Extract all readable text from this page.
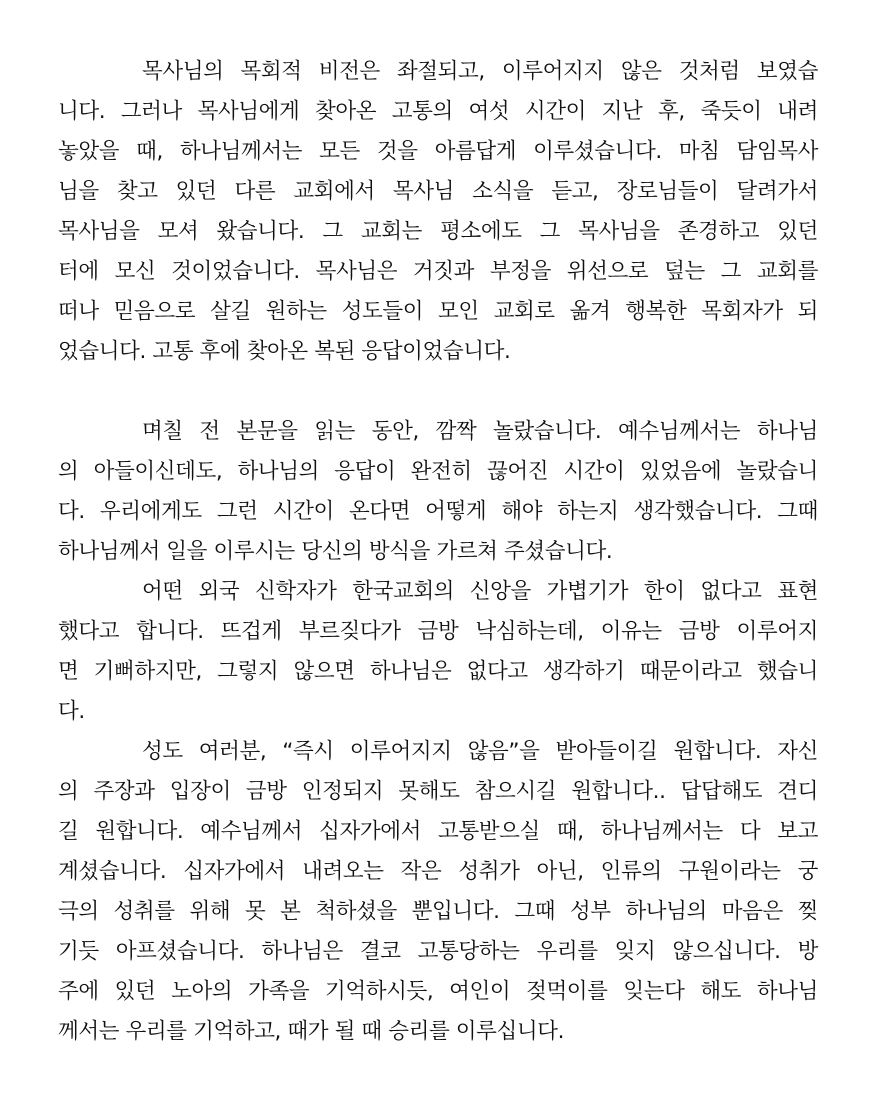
목사님의 목회적 비전은 좌절되고, 이루어지지 않은 것처럼 보였습
니다. 그러나 목사님에게 찾아온 고통의 여섯 시간이 지난 후, 죽듯이 내려
놓았을 때, 하나님께서는 모든 것을 아름답게 이루셨습니다. 마침 담임목사
님을 찾고 있던 다른 교회에서 목사님 소식을 듣고, 장로님들이 달려가서
목사님을 모셔 왔습니다. 그 교회는 평소에도 그 목사님을 존경하고 있던
터에 모신 것이었습니다. 목사님은 거짓과 부정을 위선으로 덮는 그 교회를
떠나 믿음으로 살길 원하는 성도들이 모인 교회로 옮겨 행복한 목회자가 되
었습니다. 고통 후에 찾아온 복된 응답이었습니다.
며칠 전 본문을 읽는 동안, 깜짝 놀랐습니다. 예수님께서는 하나님
의 아들이신데도, 하나님의 응답이 완전히 끊어진 시간이 있었음에 놀랐습니
다. 우리에게도 그런 시간이 온다면 어떻게 해야 하는지 생각했습니다. 그때
하나님께서 일을 이루시는 당신의 방식을 가르쳐 주셨습니다.
어떤 외국 신학자가 한국교회의 신앙을 가볍기가 한이 없다고 표현
했다고 합니다. 뜨겁게 부르짖다가 금방 낙심하는데, 이유는 금방 이루어지
면 기뻐하지만, 그렇지 않으면 하나님은 없다고 생각하기 때문이라고 했습니
다.
성도 여러분, “즉시 이루어지지 않음”을 받아들이길 원합니다. 자신
의 주장과 입장이 금방 인정되지 못해도 참으시길 원합니다.. 답답해도 견디
길 원합니다. 예수님께서 십자가에서 고통받으실 때, 하나님께서는 다 보고
계셨습니다. 십자가에서 내려오는 작은 성취가 아닌, 인류의 구원이라는 궁
극의 성취를 위해 못 본 척하셨을 뿐입니다. 그때 성부 하나님의 마음은 찢
기듯 아프셨습니다. 하나님은 결코 고통당하는 우리를 잊지 않으십니다. 방
주에 있던 노아의 가족을 기억하시듯, 여인이 젖먹이를 잊는다 해도 하나님
께서는 우리를 기억하고, 때가 될 때 승리를 이루십니다.
